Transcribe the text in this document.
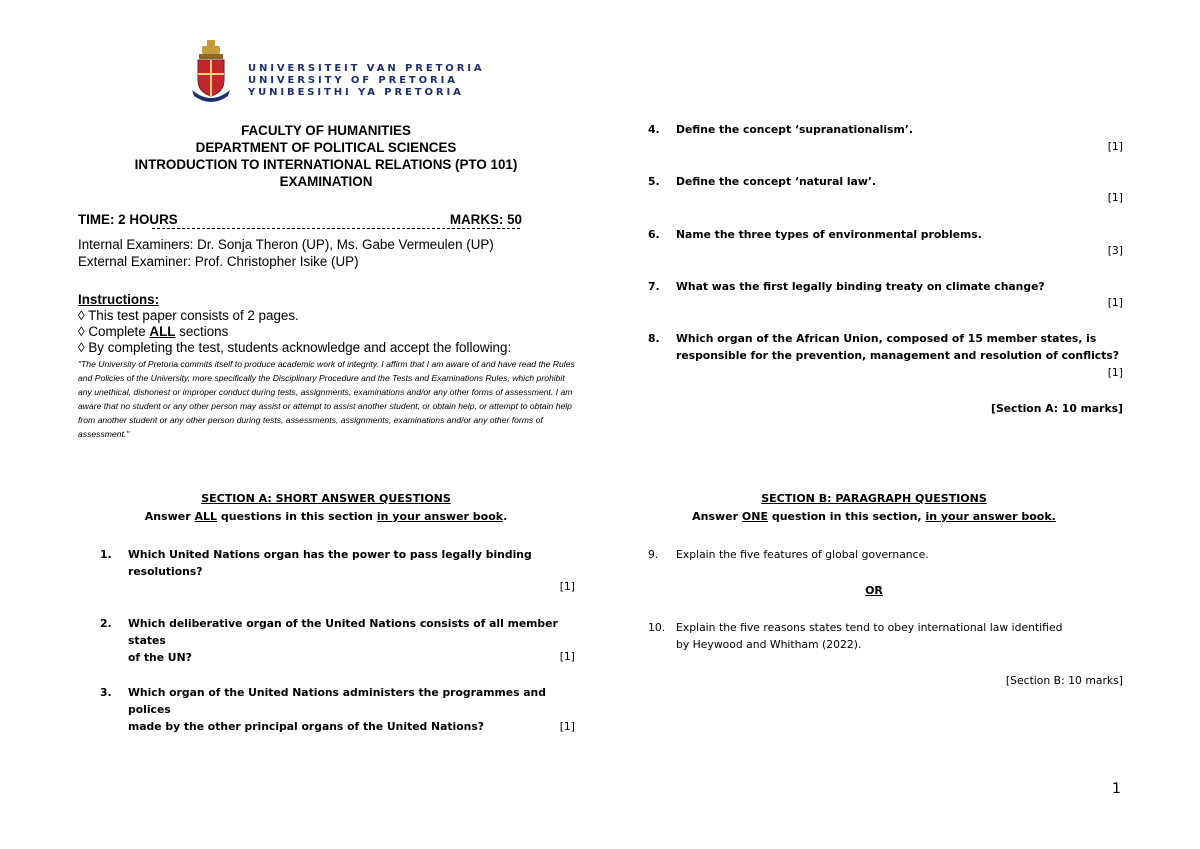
UNIVERSITEIT VAN PRETORIA
UNIVERSITY OF PRETORIA
YUNIBESITHI YA PRETORIA
FACULTY OF HUMANITIES
DEPARTMENT OF POLITICAL SCIENCES
INTRODUCTION TO INTERNATIONAL RELATIONS (PTO 101)
EXAMINATION
TIME: 2 HOURS	MARKS: 50
Internal Examiners: Dr. Sonja Theron (UP), Ms. Gabe Vermeulen (UP)
External Examiner: Prof. Christopher Isike (UP)
Instructions:
◊ This test paper consists of 2 pages.
◊ Complete ALL sections
◊ By completing the test, students acknowledge and accept the following:
"The University of Pretoria commits itself to produce academic work of integrity. I affirm that I am aware of and have read the Rules and Policies of the University, more specifically the Disciplinary Procedure and the Tests and Examinations Rules, which prohibit any unethical, dishonest or improper conduct during tests, assignments, examinations and/or any other forms of assessment. I am aware that no student or any other person may assist or attempt to assist another student, or obtain help, or attempt to obtain help from another student or any other person during tests, assessments, assignments, examinations and/or any other forms of assessment."
SECTION A: SHORT ANSWER QUESTIONS
Answer ALL questions in this section in your answer book.
1. Which United Nations organ has the power to pass legally binding
resolutions?
[1]
2. Which deliberative organ of the United Nations consists of all member states
of the UN?	[1]
3. Which organ of the United Nations administers the programmes and polices
made by the other principal organs of the United Nations?	[1]
4. Define the concept ‘supranationalism’.
[1]
5. Define the concept ‘natural law’.
[1]
6. Name the three types of environmental problems.
[3]
7. What was the first legally binding treaty on climate change?
[1]
8. Which organ of the African Union, composed of 15 member states, is
responsible for the prevention, management and resolution of conflicts?
[1]
[Section A: 10 marks]
SECTION B: PARAGRAPH QUESTIONS
Answer ONE question in this section, in your answer book.
9. Explain the five features of global governance.
OR
10. Explain the five reasons states tend to obey international law identified
by Heywood and Whitham (2022).
[Section B: 10 marks]
1
